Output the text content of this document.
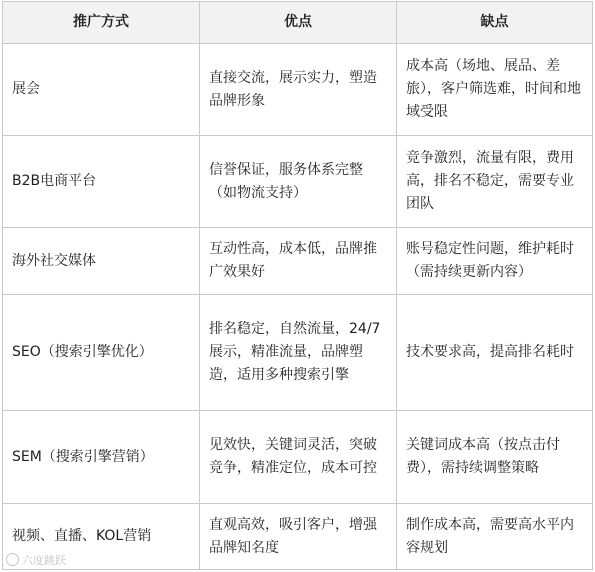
推广方式	优点	缺点
展会	直接交流，展示实力，塑造品牌形象	成本高（场地、展品、差旅），客户筛选难，时间和地域受限
B2B电商平台	信誉保证，服务体系完整（如物流支持）	竞争激烈，流量有限，费用高，排名不稳定，需要专业团队
海外社交媒体	互动性高，成本低，品牌推广效果好	账号稳定性问题，维护耗时（需持续更新内容）
SEO（搜索引擎优化）	排名稳定，自然流量，24/7展示，精准流量，品牌塑造，适用多种搜索引擎	技术要求高，提高排名耗时
SEM（搜索引擎营销）	见效快，关键词灵活，突破竞争，精准定位，成本可控	关键词成本高（按点击付费），需持续调整策略
视频、直播、KOL营销	直观高效，吸引客户，增强品牌知名度	制作成本高，需要高水平内容规划
六度跳跃
